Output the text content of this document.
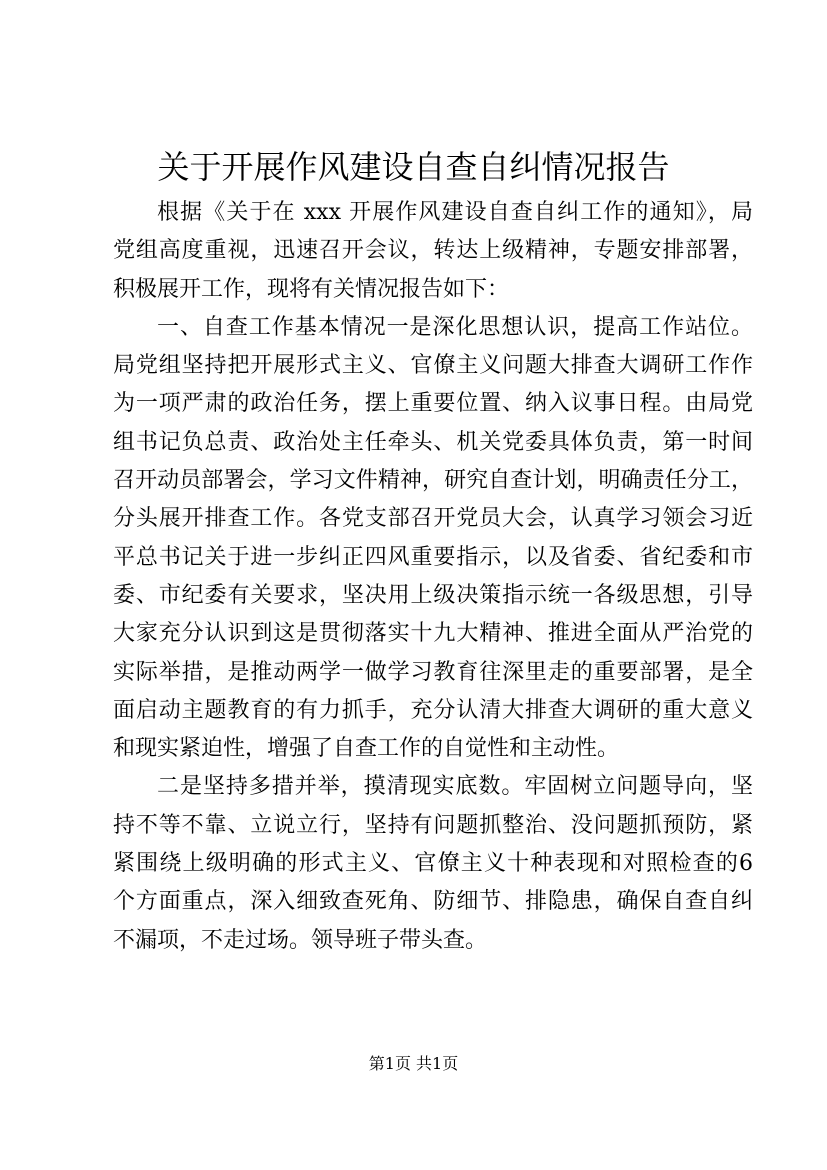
关于开展作风建设自查自纠情况报告

根据《关于在 xxx 开展作风建设自查自纠工作的通知》，局
党组高度重视，迅速召开会议，转达上级精神，专题安排部署，
积极展开工作，现将有关情况报告如下：

一、自查工作基本情况一是深化思想认识，提高工作站位。
局党组坚持把开展形式主义、官僚主义问题大排查大调研工作作
为一项严肃的政治任务，摆上重要位置、纳入议事日程。由局党
组书记负总责、政治处主任牵头、机关党委具体负责，第一时间
召开动员部署会，学习文件精神，研究自查计划，明确责任分工，
分头展开排查工作。各党支部召开党员大会，认真学习领会习近
平总书记关于进一步纠正四风重要指示，以及省委、省纪委和市
委、市纪委有关要求，坚决用上级决策指示统一各级思想，引导
大家充分认识到这是贯彻落实十九大精神、推进全面从严治党的
实际举措，是推动两学一做学习教育往深里走的重要部署，是全
面启动主题教育的有力抓手，充分认清大排查大调研的重大意义
和现实紧迫性，增强了自查工作的自觉性和主动性。

二是坚持多措并举，摸清现实底数。牢固树立问题导向，坚
持不等不靠、立说立行，坚持有问题抓整治、没问题抓预防，紧
紧围绕上级明确的形式主义、官僚主义十种表现和对照检查的6
个方面重点，深入细致查死角、防细节、排隐患，确保自查自纠
不漏项，不走过场。领导班子带头查。

第1页 共1页
